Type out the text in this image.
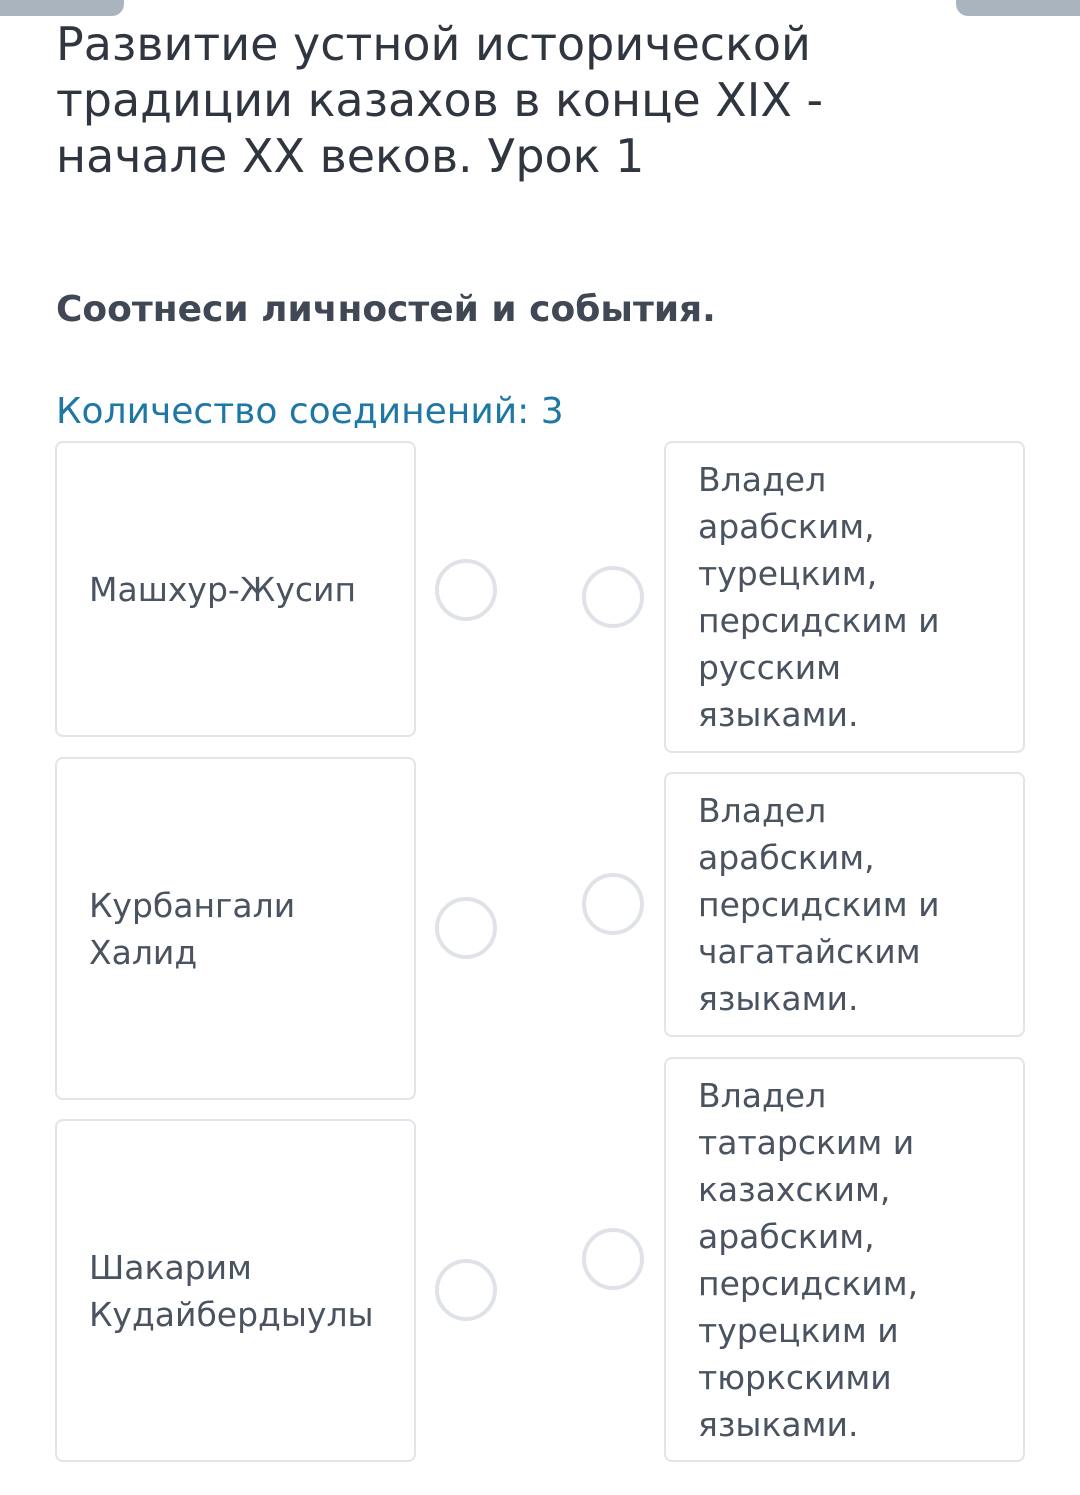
Развитие устной исторической
традиции казахов в конце XIX -
начале XX веков. Урок 1
Соотнеси личностей и события.
Количество соединений: 3
Машхур-Жусип
Курбангали Халид
Шакарим Кудайбердыулы
Владел арабским, турецким, персидским и русским языками.
Владел арабским, персидским и чагатайским языками.
Владел татарским и казахским, арабским, персидским, турецким и тюркскими языками.
